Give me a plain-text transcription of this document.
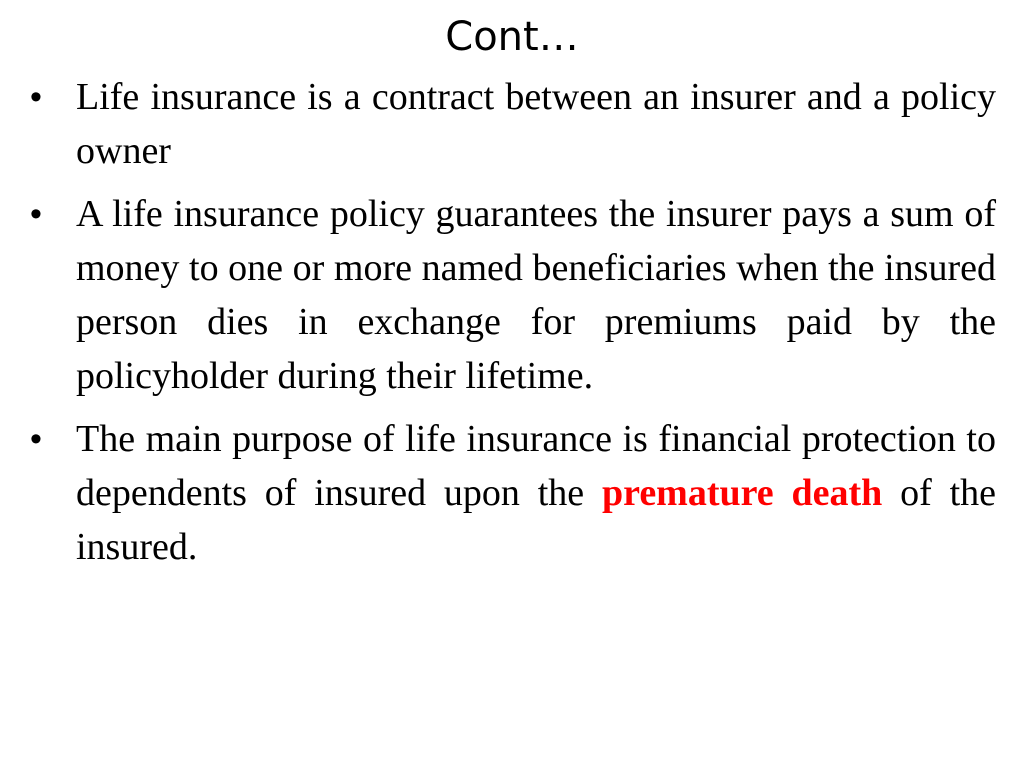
Cont…
• Life insurance is a contract between an insurer and a policy owner
• A life insurance policy guarantees the insurer pays a sum of money to one or more named beneficiaries when the insured person dies in exchange for premiums paid by the policyholder during their lifetime.
• The main purpose of life insurance is financial protection to dependents of insured upon the premature death of the insured.
